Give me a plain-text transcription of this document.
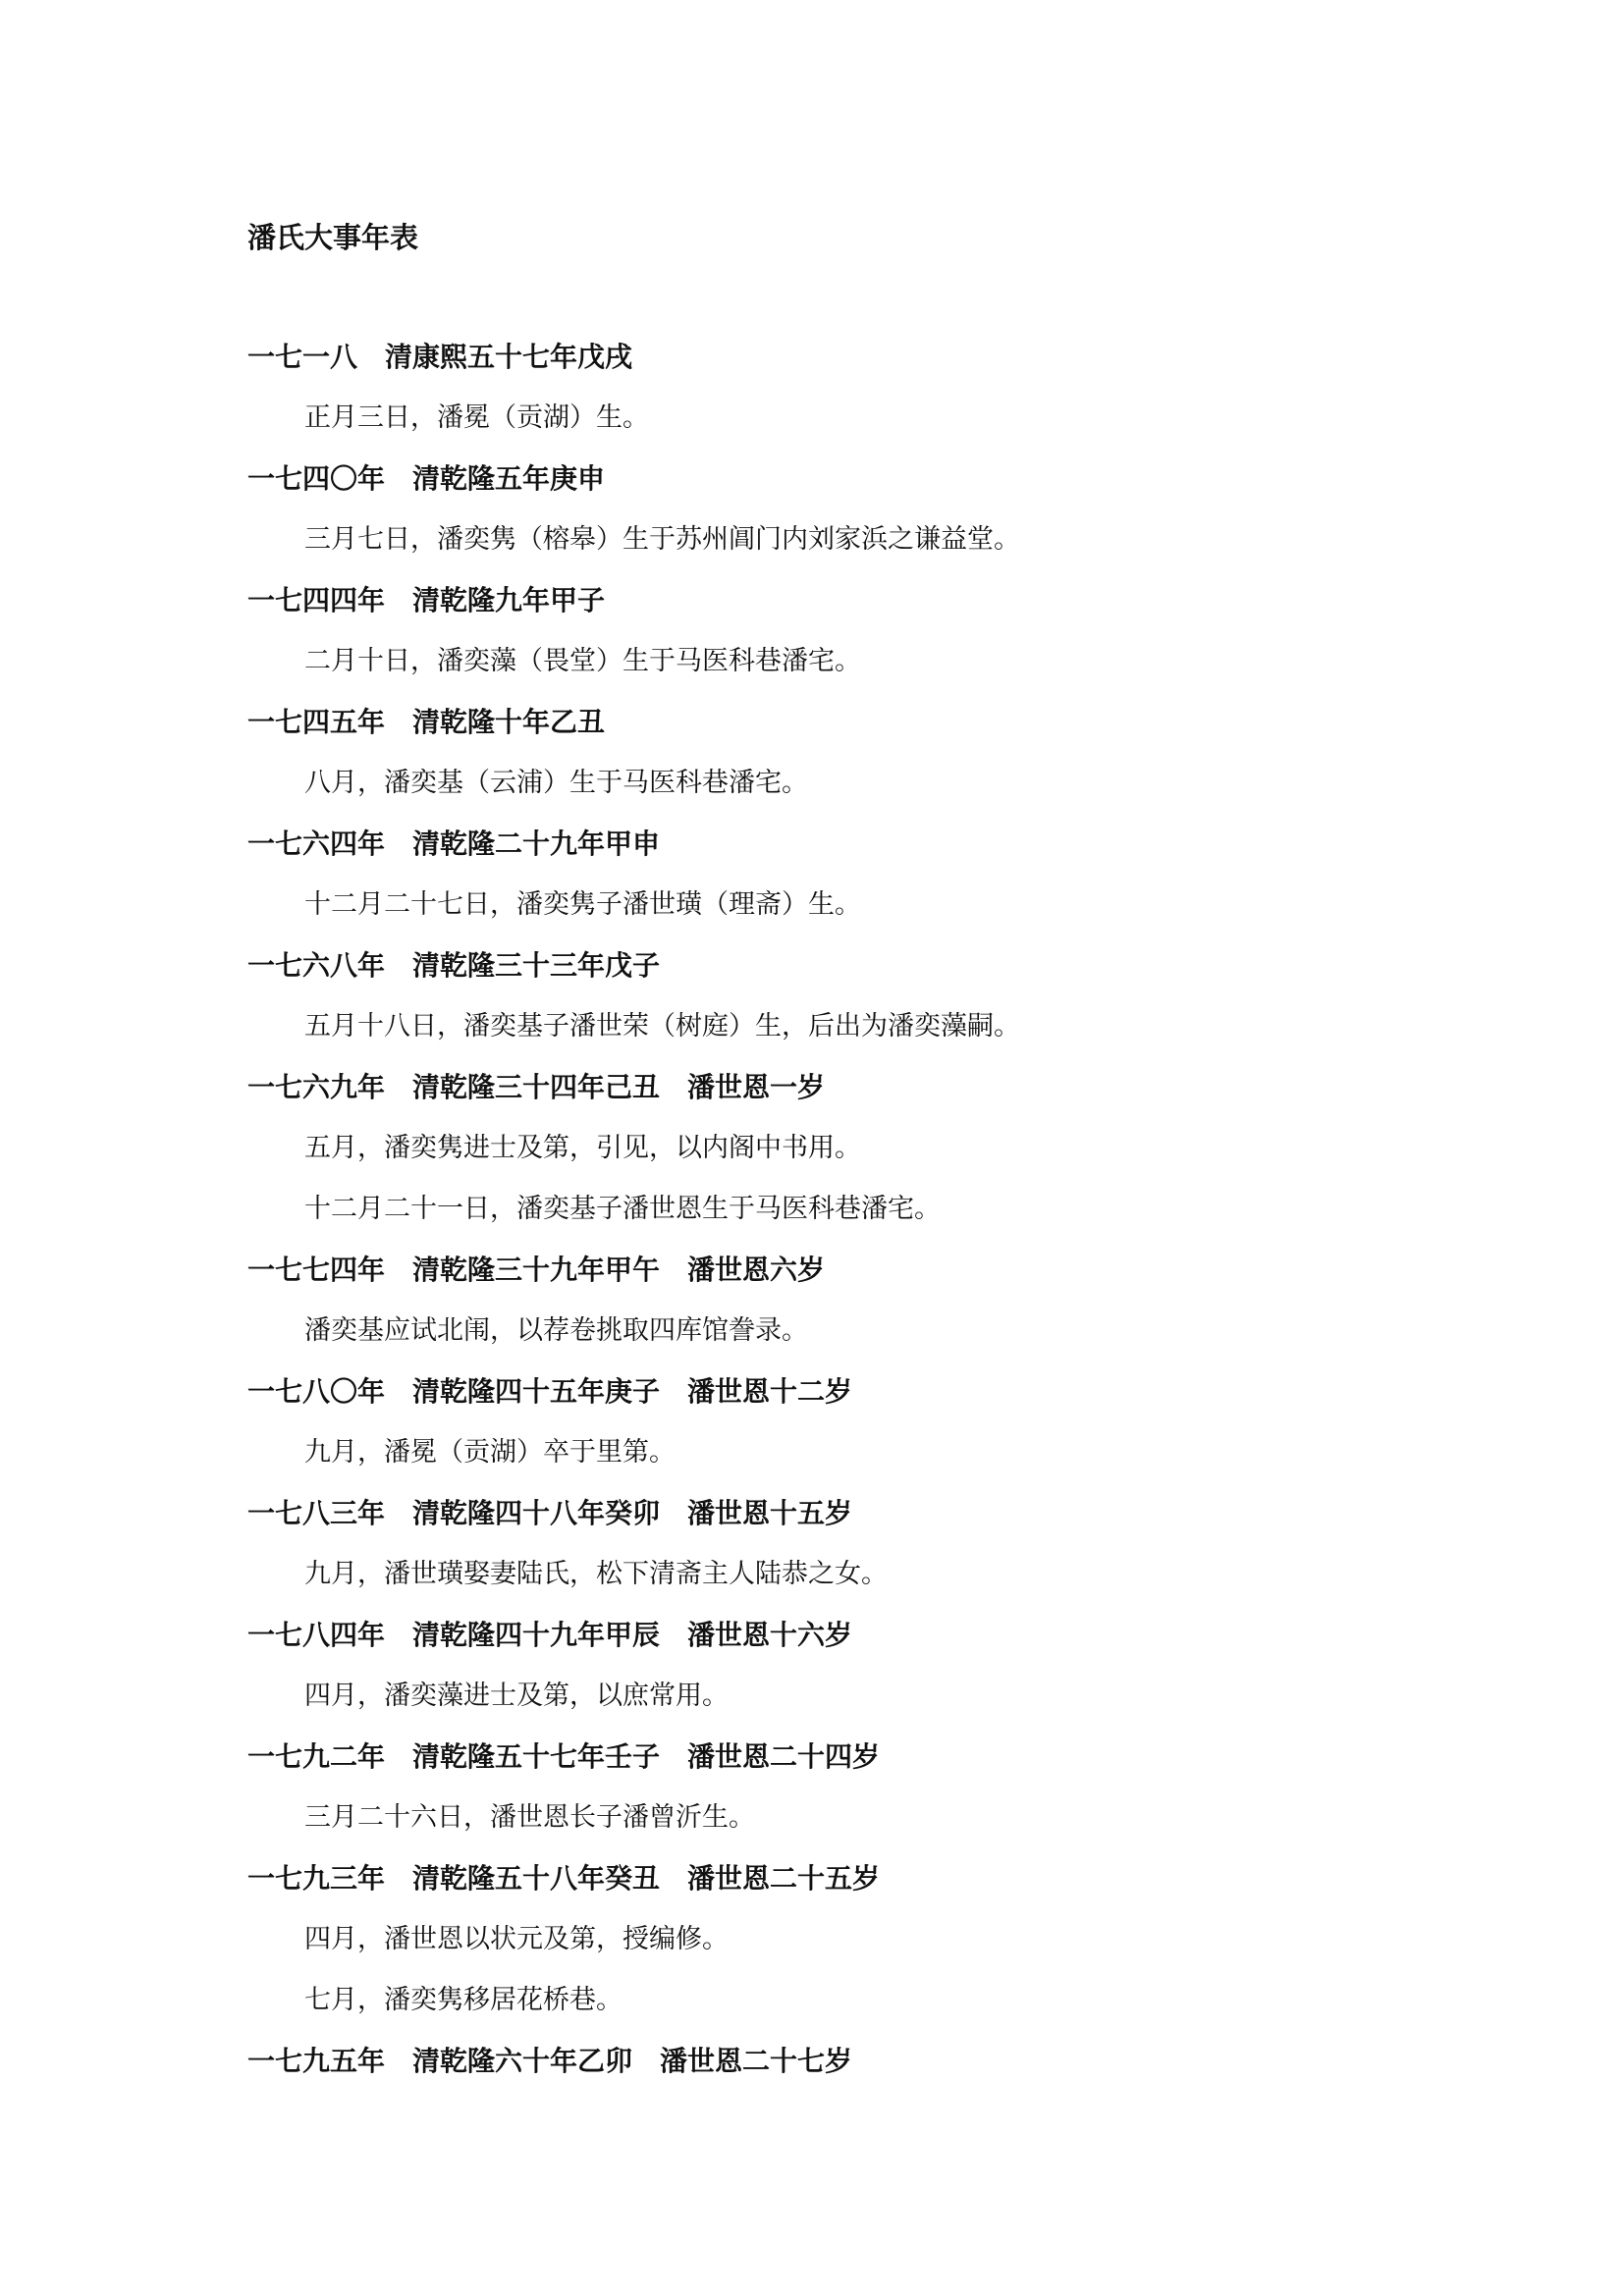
潘氏大事年表
一七一八　清康熙五十七年戊戌
正月三日，潘冕（贡湖）生。
一七四〇年　清乾隆五年庚申
三月七日，潘奕隽（榕皋）生于苏州阊门内刘家浜之谦益堂。
一七四四年　清乾隆九年甲子
二月十日，潘奕藻（畏堂）生于马医科巷潘宅。
一七四五年　清乾隆十年乙丑
八月，潘奕基（云浦）生于马医科巷潘宅。
一七六四年　清乾隆二十九年甲申
十二月二十七日，潘奕隽子潘世璜（理斋）生。
一七六八年　清乾隆三十三年戊子
五月十八日，潘奕基子潘世荣（树庭）生，后出为潘奕藻嗣。
一七六九年　清乾隆三十四年己丑　潘世恩一岁
五月，潘奕隽进士及第，引见，以内阁中书用。
十二月二十一日，潘奕基子潘世恩生于马医科巷潘宅。
一七七四年　清乾隆三十九年甲午　潘世恩六岁
潘奕基应试北闱，以荐卷挑取四库馆誊录。
一七八〇年　清乾隆四十五年庚子　潘世恩十二岁
九月，潘冕（贡湖）卒于里第。
一七八三年　清乾隆四十八年癸卯　潘世恩十五岁
九月，潘世璜娶妻陆氏，松下清斋主人陆恭之女。
一七八四年　清乾隆四十九年甲辰　潘世恩十六岁
四月，潘奕藻进士及第，以庶常用。
一七九二年　清乾隆五十七年壬子　潘世恩二十四岁
三月二十六日，潘世恩长子潘曾沂生。
一七九三年　清乾隆五十八年癸丑　潘世恩二十五岁
四月，潘世恩以状元及第，授编修。
七月，潘奕隽移居花桥巷。
一七九五年　清乾隆六十年乙卯　潘世恩二十七岁
